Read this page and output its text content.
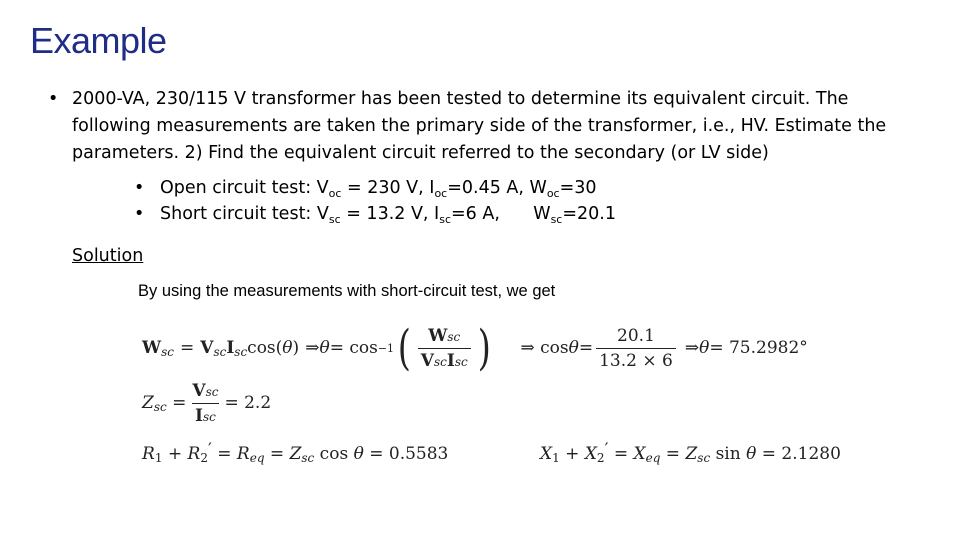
Example
• 2000-VA, 230/115 V transformer has been tested to determine its equivalent circuit. The following measurements are taken the primary side of the transformer, i.e., HV. Estimate the parameters. 2) Find the equivalent circuit referred to the secondary (or LV side)
• Open circuit test: $V_{oc} = 230$ V, $I_{oc}=0.45$ A, $W_{oc}=30$
• Short circuit test: $V_{sc} = 13.2$ V, $I_{sc}=6$ A,      $W_{sc}=20.1$
Solution
By using the measurements with short-circuit test, we get
W sc = V sc I sc cos( θ )
⇒ θ = cos −1 ( $\frac{\text{Wsc}}{\text{VscIsc}}$ ) ⇒ $\cos \theta = \frac{20.1}{13.2 \times 6}$ ⇒ θ = 75.2982°
Z sc = $\frac{\text{Vsc}}{\text{Isc}} = 2.2$
R 1 + R 2 ′ = R eq = Z sc cos θ = 0.5583	X 1 + X 2 ′ = X eq = Z sc sin θ = 2.1280
